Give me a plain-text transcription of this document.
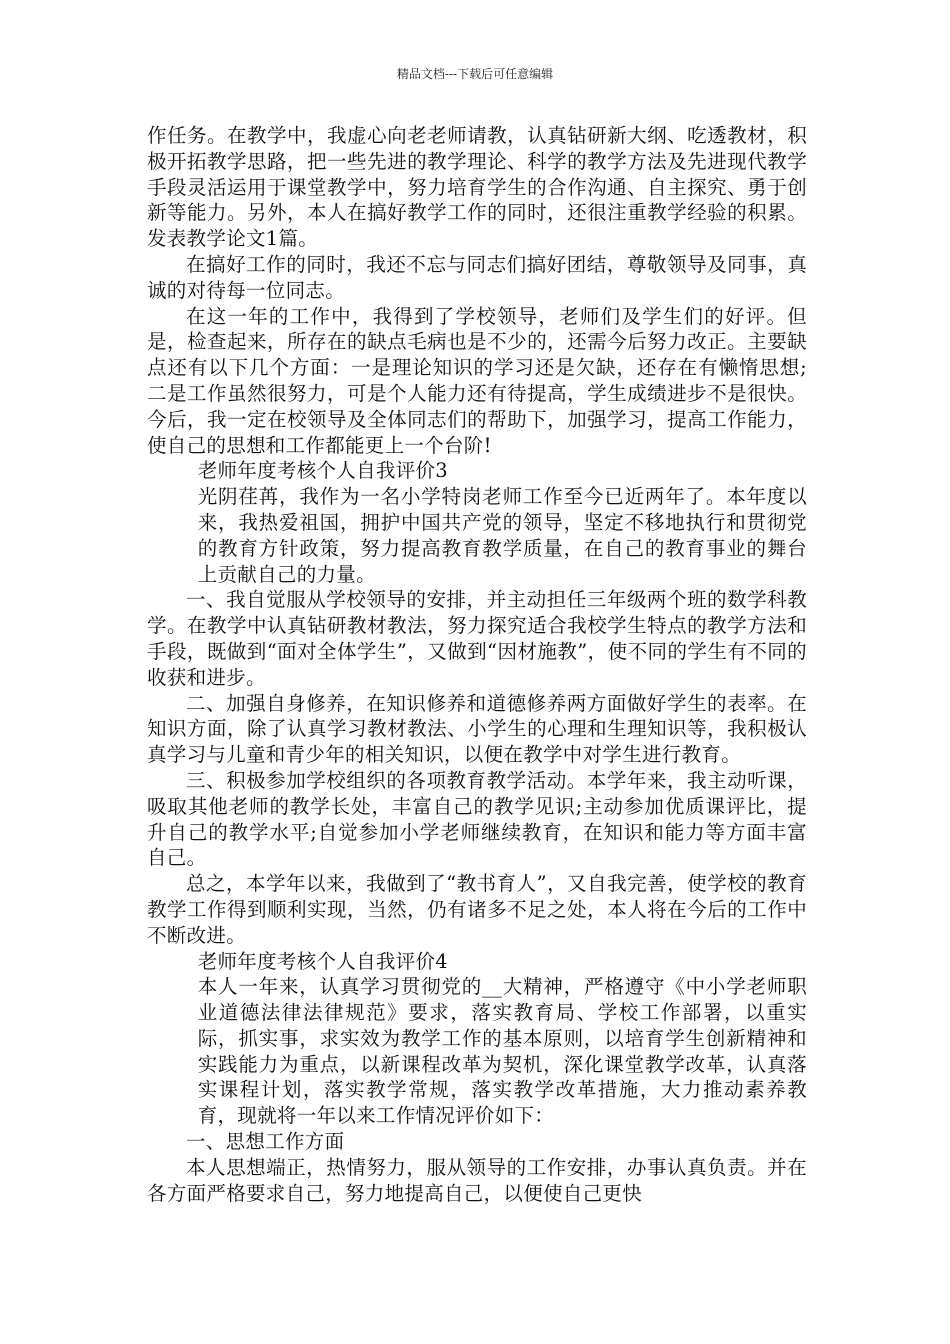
精品文档---下载后可任意编辑

作任务。在教学中，我虚心向老老师请教，认真钻研新大纲、吃透教材，积极开拓教学思路，把一些先进的教学理论、科学的教学方法及先进现代教学手段灵活运用于课堂教学中，努力培育学生的合作沟通、自主探究、勇于创新等能力。另外，本人在搞好教学工作的同时，还很注重教学经验的积累。发表教学论文1篇。

在搞好工作的同时，我还不忘与同志们搞好团结，尊敬领导及同事，真诚的对待每一位同志。

在这一年的工作中，我得到了学校领导，老师们及学生们的好评。但是，检查起来，所存在的缺点毛病也是不少的，还需今后努力改正。主要缺点还有以下几个方面：一是理论知识的学习还是欠缺，还存在有懒惰思想;二是工作虽然很努力，可是个人能力还有待提高，学生成绩进步不是很快。今后，我一定在校领导及全体同志们的帮助下，加强学习，提高工作能力，使自己的思想和工作都能更上一个台阶!

老师年度考核个人自我评价3

光阴荏苒，我作为一名小学特岗老师工作至今已近两年了。本年度以来，我热爱祖国，拥护中国共产党的领导，坚定不移地执行和贯彻党的教育方针政策，努力提高教育教学质量，在自己的教育事业的舞台上贡献自己的力量。

一、我自觉服从学校领导的安排，并主动担任三年级两个班的数学科教学。在教学中认真钻研教材教法，努力探究适合我校学生特点的教学方法和手段，既做到“面对全体学生”，又做到“因材施教”，使不同的学生有不同的收获和进步。

二、加强自身修养，在知识修养和道德修养两方面做好学生的表率。在知识方面，除了认真学习教材教法、小学生的心理和生理知识等，我积极认真学习与儿童和青少年的相关知识，以便在教学中对学生进行教育。

三、积极参加学校组织的各项教育教学活动。本学年来，我主动听课，吸取其他老师的教学长处，丰富自己的教学见识;主动参加优质课评比，提升自己的教学水平;自觉参加小学老师继续教育，在知识和能力等方面丰富自己。

总之，本学年以来，我做到了“教书育人”，又自我完善，使学校的教育教学工作得到顺利实现，当然，仍有诸多不足之处，本人将在今后的工作中不断改进。

老师年度考核个人自我评价4

本人一年来，认真学习贯彻党的__大精神，严格遵守《中小学老师职业道德法律法律规范》要求，落实教育局、学校工作部署，以重实际，抓实事，求实效为教学工作的基本原则，以培育学生创新精神和实践能力为重点，以新课程改革为契机，深化课堂教学改革，认真落实课程计划，落实教学常规，落实教学改革措施，大力推动素养教育，现就将一年以来工作情况评价如下：

一、思想工作方面

本人思想端正，热情努力，服从领导的工作安排，办事认真负责。并在各方面严格要求自己，努力地提高自己，以便使自己更快
